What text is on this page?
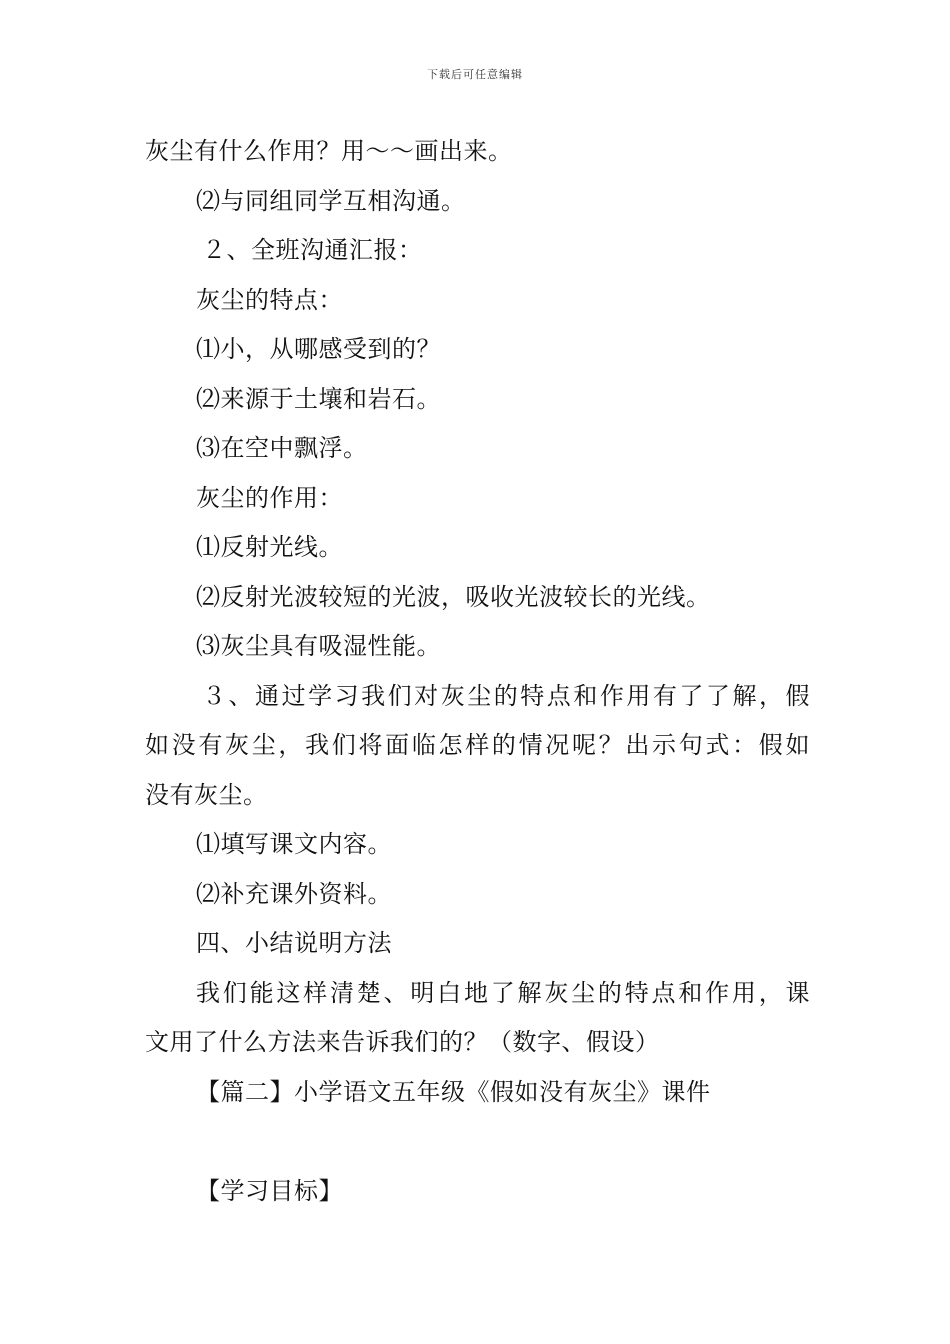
下载后可任意编辑
灰尘有什么作用？用～～画出来。
⑵与同组同学互相沟通。
２、全班沟通汇报：
灰尘的特点：
⑴小，从哪感受到的？
⑵来源于土壤和岩石。
⑶在空中飘浮。
灰尘的作用：
⑴反射光线。
⑵反射光波较短的光波，吸收光波较长的光线。
⑶灰尘具有吸湿性能。
３、通过学习我们对灰尘的特点和作用有了了解，假
如没有灰尘，我们将面临怎样的情况呢？出示句式：假如
没有灰尘。
⑴填写课文内容。
⑵补充课外资料。
四、小结说明方法
我们能这样清楚、明白地了解灰尘的特点和作用，课
文用了什么方法来告诉我们的？（数字、假设）
【篇二】小学语文五年级《假如没有灰尘》课件
【学习目标】
